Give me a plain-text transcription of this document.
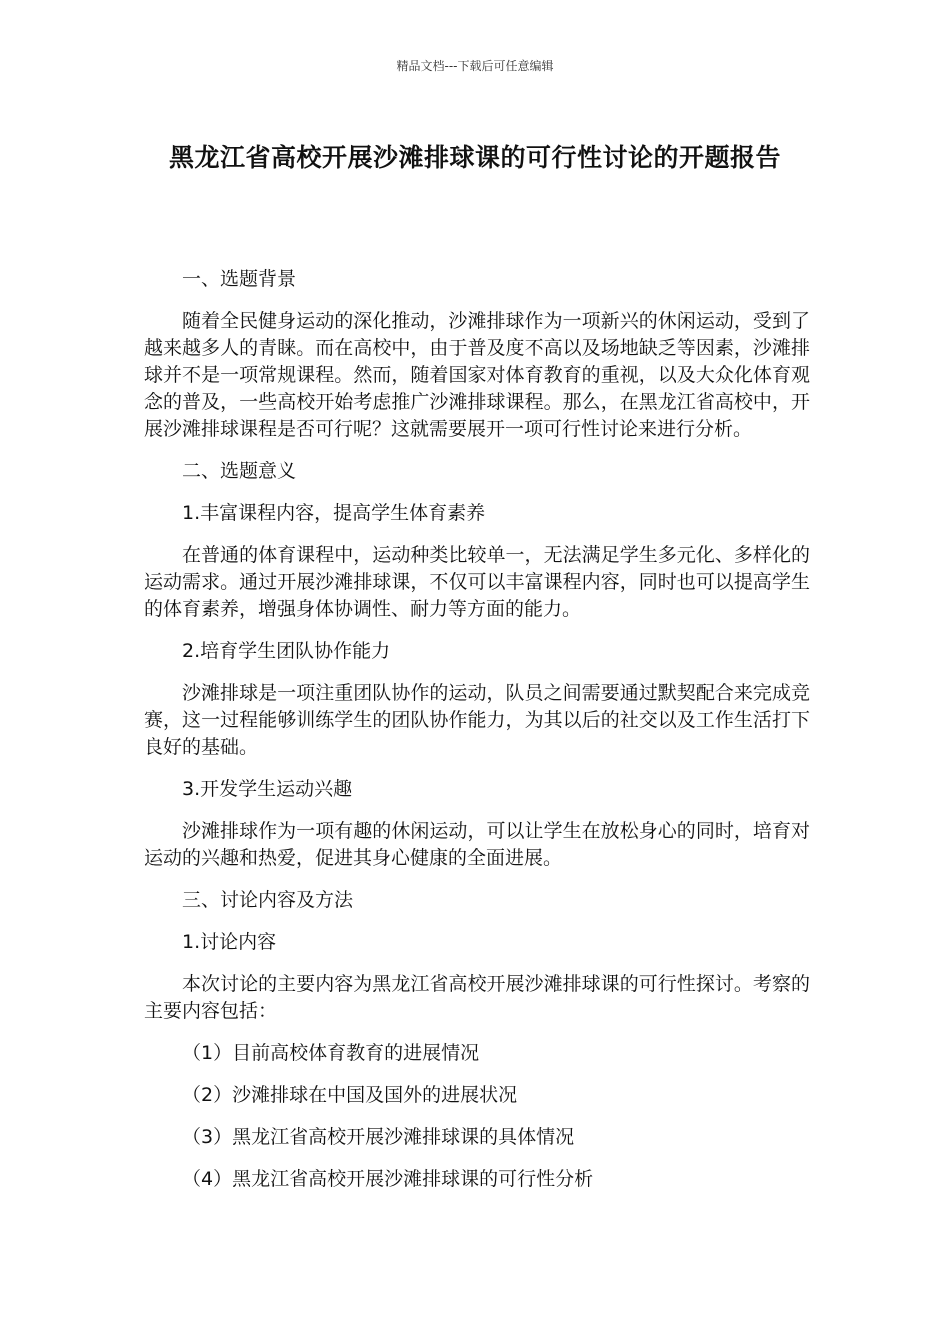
精品文档---下载后可任意编辑
黑龙江省高校开展沙滩排球课的可行性讨论的开题报告

一、选题背景

随着全民健身运动的深化推动，沙滩排球作为一项新兴的休闲运动，受到了越来越多人的青睐。而在高校中，由于普及度不高以及场地缺乏等因素，沙滩排球并不是一项常规课程。然而，随着国家对体育教育的重视，以及大众化体育观念的普及，一些高校开始考虑推广沙滩排球课程。那么，在黑龙江省高校中，开展沙滩排球课程是否可行呢？这就需要展开一项可行性讨论来进行分析。

二、选题意义

1.丰富课程内容，提高学生体育素养

在普通的体育课程中，运动种类比较单一，无法满足学生多元化、多样化的运动需求。通过开展沙滩排球课，不仅可以丰富课程内容，同时也可以提高学生的体育素养，增强身体协调性、耐力等方面的能力。

2.培育学生团队协作能力

沙滩排球是一项注重团队协作的运动，队员之间需要通过默契配合来完成竞赛，这一过程能够训练学生的团队协作能力，为其以后的社交以及工作生活打下良好的基础。

3.开发学生运动兴趣

沙滩排球作为一项有趣的休闲运动，可以让学生在放松身心的同时，培育对运动的兴趣和热爱，促进其身心健康的全面进展。

三、讨论内容及方法

1.讨论内容

本次讨论的主要内容为黑龙江省高校开展沙滩排球课的可行性探讨。考察的主要内容包括：

（1）目前高校体育教育的进展情况

（2）沙滩排球在中国及国外的进展状况

（3）黑龙江省高校开展沙滩排球课的具体情况

（4）黑龙江省高校开展沙滩排球课的可行性分析
